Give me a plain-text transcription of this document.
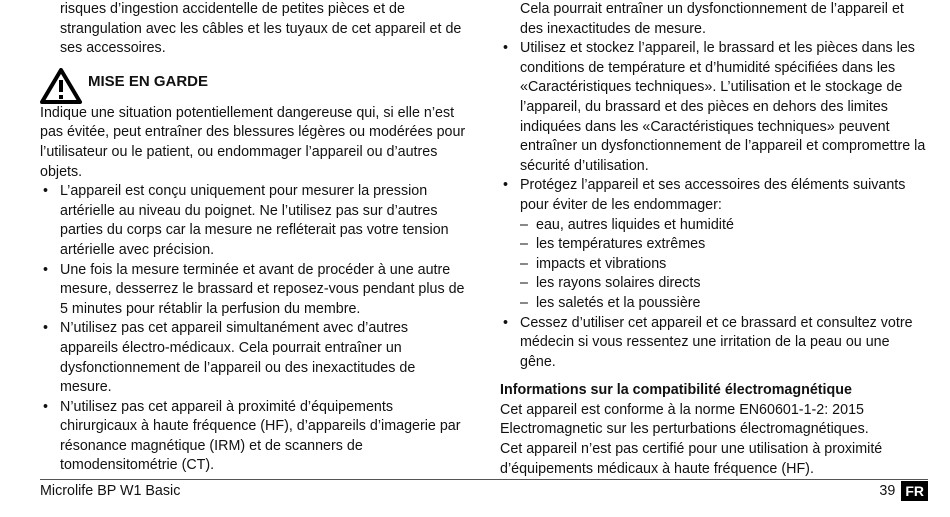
risques d’ingestion accidentelle de petites pièces et de strangulation avec les câbles et les tuyaux de cet appareil et de ses accessoires.

MISE EN GARDE

Indique une situation potentiellement dangereuse qui, si elle n’est pas évitée, peut entraîner des blessures légères ou modérées pour l’utilisateur ou le patient, ou endommager l’appareil ou d’autres objets.

• L’appareil est conçu uniquement pour mesurer la pression artérielle au niveau du poignet. Ne l’utilisez pas sur d’autres parties du corps car la mesure ne refléterait pas votre tension artérielle avec précision.
• Une fois la mesure terminée et avant de procéder à une autre mesure, desserrez le brassard et reposez-vous pendant plus de 5 minutes pour rétablir la perfusion du membre.
• N’utilisez pas cet appareil simultanément avec d’autres appareils électro-médicaux. Cela pourrait entraîner un dysfonctionnement de l’appareil ou des inexactitudes de mesure.
• N’utilisez pas cet appareil à proximité d’équipements chirurgicaux à haute fréquence (HF), d’appareils d’imagerie par résonance magnétique (IRM) et de scanners de tomodensitométrie (CT).

Cela pourrait entraîner un dysfonctionnement de l’appareil et des inexactitudes de mesure.

• Utilisez et stockez l’appareil, le brassard et les pièces dans les conditions de température et d’humidité spécifiées dans les «Caractéristiques techniques». L’utilisation et le stockage de l’appareil, du brassard et des pièces en dehors des limites indiquées dans les «Caractéristiques techniques» peuvent entraîner un dysfonctionnement de l’appareil et compromettre la sécurité d’utilisation.
• Protégez l’appareil et ses accessoires des éléments suivants pour éviter de les endommager:
– eau, autres liquides et humidité
– les températures extrêmes
– impacts et vibrations
– les rayons solaires directs
– les saletés et la poussière
• Cessez d’utiliser cet appareil et ce brassard et consultez votre médecin si vous ressentez une irritation de la peau ou une gêne.

Informations sur la compatibilité électromagnétique

Cet appareil est conforme à la norme EN60601-1-2: 2015 Electromagnetic sur les perturbations électromagnétiques.

Cet appareil n’est pas certifié pour une utilisation à proximité d’équipements médicaux à haute fréquence (HF).

Microlife BP W1 Basic	39 FR
